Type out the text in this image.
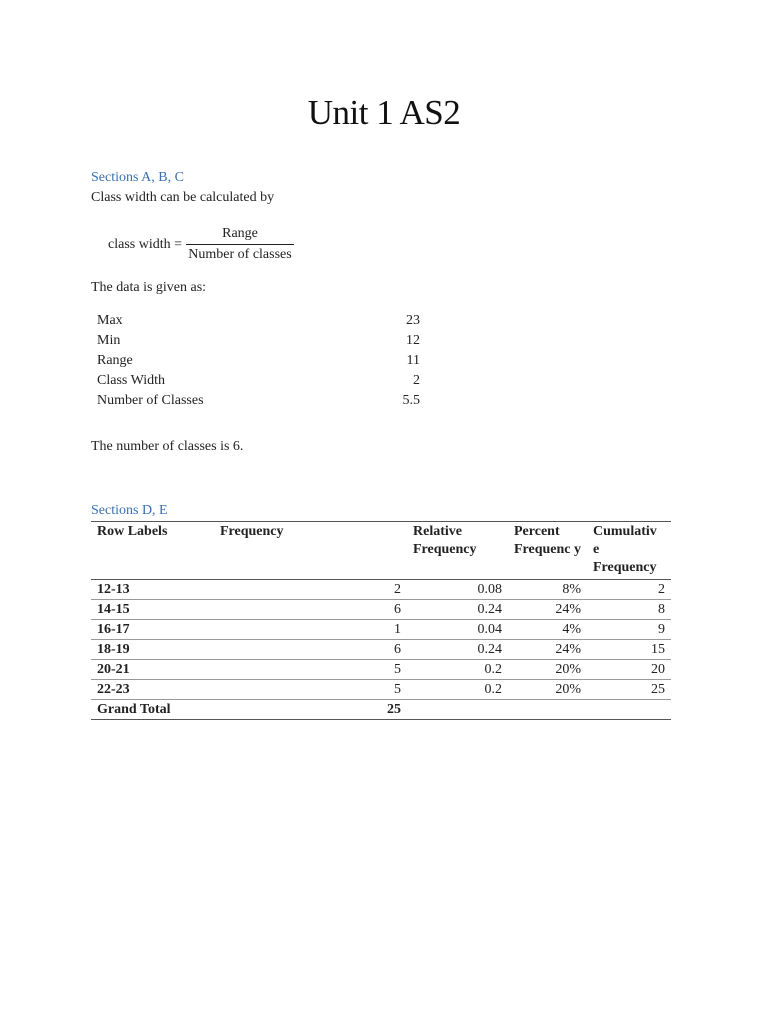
Unit 1 AS2
Sections A, B, C
Class width can be calculated by
class width = $\frac{\text{Range}}{\text{Number of classes}}$
The data is given as:
Max	23
Min	12
Range	11
Class Width	2
Number of Classes	5.5
The number of classes is 6.
Sections D, E
Row Labels	Frequency	Relative Frequency	Percent Frequenc y	Cumulativ e Frequency
12-13	2	0.08	8%	2
14-15	6	0.24	24%	8
16-17	1	0.04	4%	9
18-19	6	0.24	24%	15
20-21	5	0.2	20%	20
22-23	5	0.2	20%	25
Grand Total	25			
